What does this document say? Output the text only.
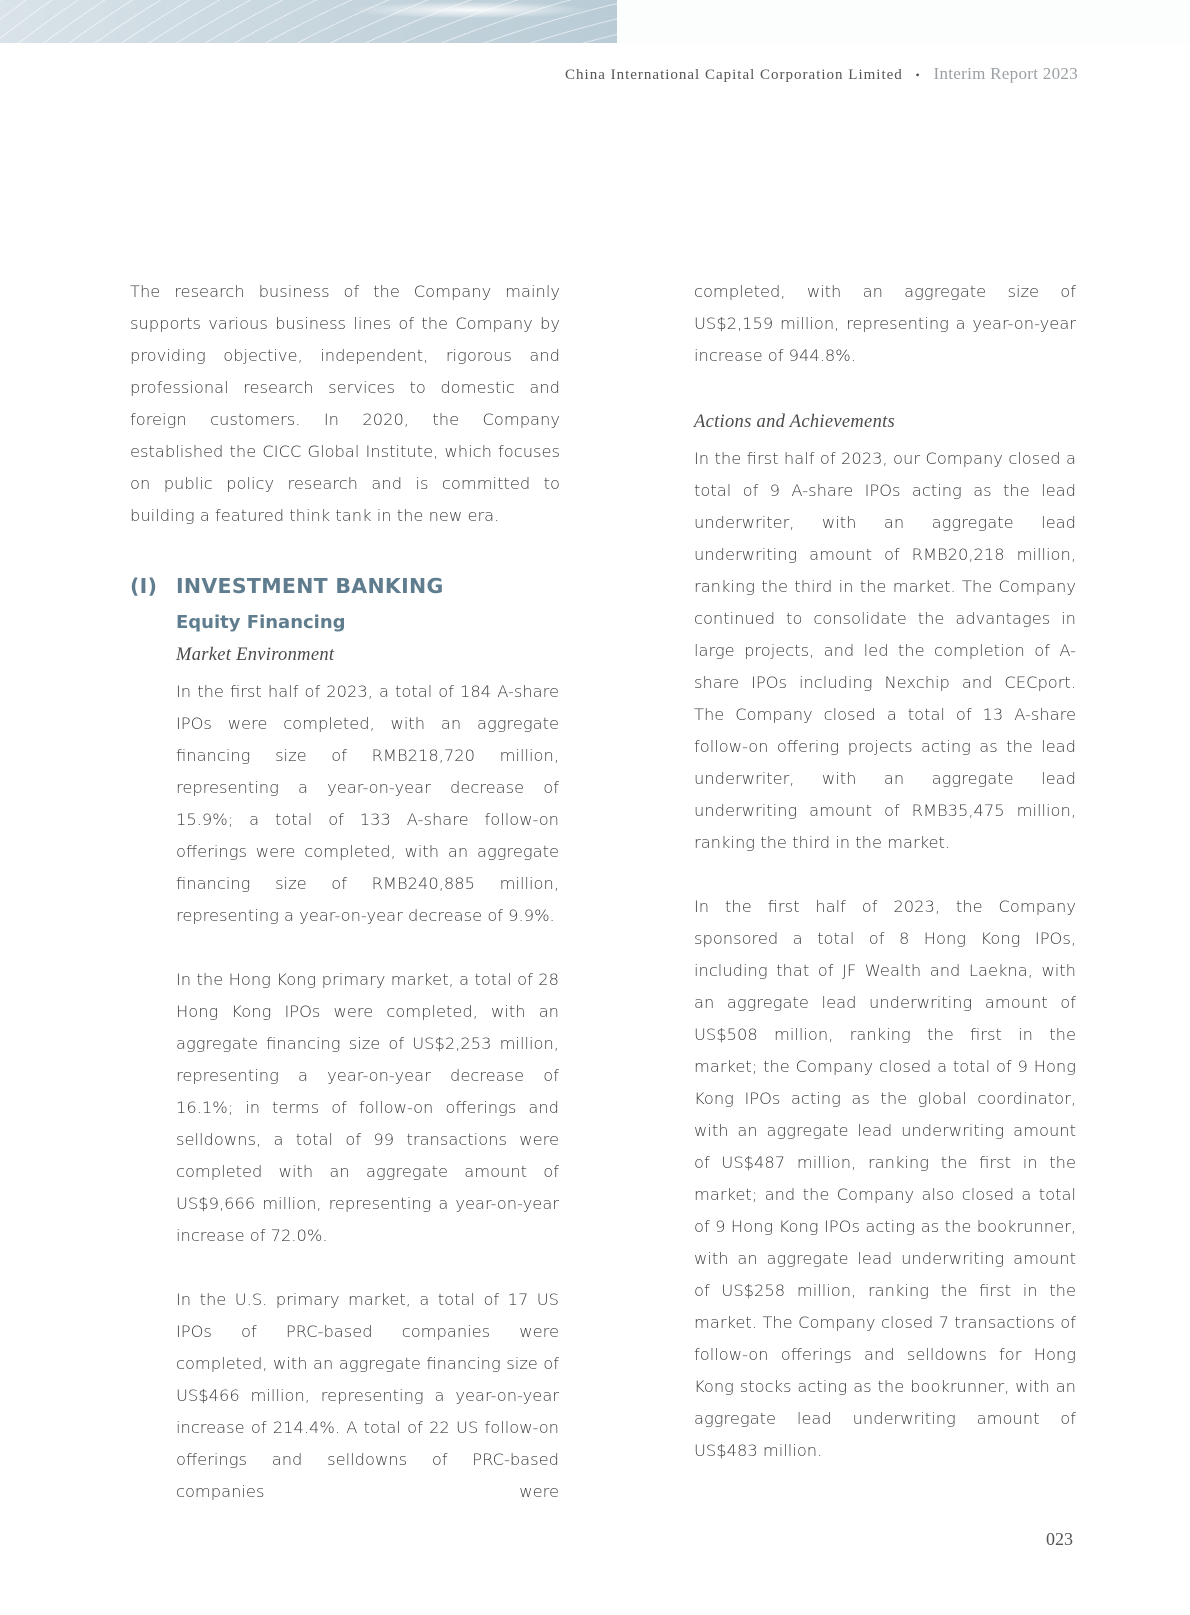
China International Capital Corporation Limited • Interim Report 2023

The research business of the Company mainly supports various business lines of the Company by providing objective, independent, rigorous and professional research services to domestic and foreign customers. In 2020, the Company established the CICC Global Institute, which focuses on public policy research and is committed to building a featured think tank in the new era.

(I) INVESTMENT BANKING
Equity Financing
Market Environment

In the first half of 2023, a total of 184 A-share IPOs were completed, with an aggregate financing size of RMB218,720 million, representing a year-on-year decrease of 15.9%; a total of 133 A-share follow-on offerings were completed, with an aggregate financing size of RMB240,885 million, representing a year-on-year decrease of 9.9%.

In the Hong Kong primary market, a total of 28 Hong Kong IPOs were completed, with an aggregate financing size of US$2,253 million, representing a year-on-year decrease of 16.1%; in terms of follow-on offerings and selldowns, a total of 99 transactions were completed with an aggregate amount of US$9,666 million, representing a year-on-year increase of 72.0%.

In the U.S. primary market, a total of 17 US IPOs of PRC-based companies were completed, with an aggregate financing size of US$466 million, representing a year-on-year increase of 214.4%. A total of 22 US follow-on offerings and selldowns of PRC-based companies were

completed, with an aggregate size of US$2,159 million, representing a year-on-year increase of 944.8%.

Actions and Achievements

In the first half of 2023, our Company closed a total of 9 A-share IPOs acting as the lead underwriter, with an aggregate lead underwriting amount of RMB20,218 million, ranking the third in the market. The Company continued to consolidate the advantages in large projects, and led the completion of A-share IPOs including Nexchip and CECport. The Company closed a total of 13 A-share follow-on offering projects acting as the lead underwriter, with an aggregate lead underwriting amount of RMB35,475 million, ranking the third in the market.

In the first half of 2023, the Company sponsored a total of 8 Hong Kong IPOs, including that of JF Wealth and Laekna, with an aggregate lead underwriting amount of US$508 million, ranking the first in the market; the Company closed a total of 9 Hong Kong IPOs acting as the global coordinator, with an aggregate lead underwriting amount of US$487 million, ranking the first in the market; and the Company also closed a total of 9 Hong Kong IPOs acting as the bookrunner, with an aggregate lead underwriting amount of US$258 million, ranking the first in the market. The Company closed 7 transactions of follow-on offerings and selldowns for Hong Kong stocks acting as the bookrunner, with an aggregate lead underwriting amount of US$483 million.

023
